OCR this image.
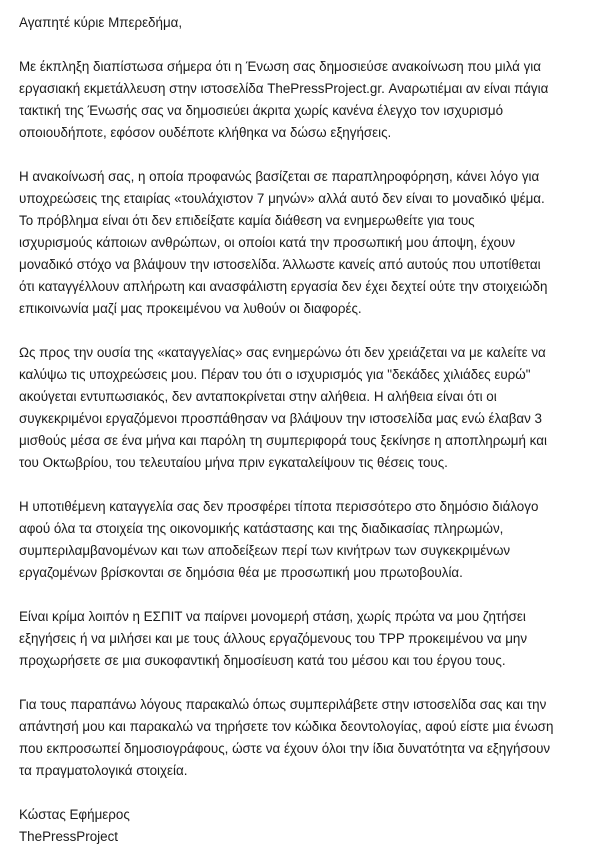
Αγαπητέ κύριε Μπερεδήμα,

Με έκπληξη διαπίστωσα σήμερα ότι η Ένωση σας δημοσιεύσε ανακοίνωση που μιλά για
εργασιακή εκμετάλλευση στην ιστοσελίδα ThePressProject.gr. Αναρωτιέμαι αν είναι πάγια
τακτική της Ένωσής σας να δημοσιεύει άκριτα χωρίς κανένα έλεγχο τον ισχυρισμό
οποιουδήποτε, εφόσον ουδέποτε κλήθηκα να δώσω εξηγήσεις.

Η ανακοίνωσή σας, η οποία προφανώς βασίζεται σε παραπληροφόρηση, κάνει λόγο για
υποχρεώσεις της εταιρίας «τουλάχιστον 7 μηνών» αλλά αυτό δεν είναι το μοναδικό ψέμα.
Το πρόβλημα είναι ότι δεν επιδείξατε καμία διάθεση να ενημερωθείτε για τους
ισχυρισμούς κάποιων ανθρώπων, οι οποίοι κατά την προσωπική μου άποψη, έχουν
μοναδικό στόχο να βλάψουν την ιστοσελίδα. Άλλωστε κανείς από αυτούς που υποτίθεται
ότι καταγγέλλουν απλήρωτη και ανασφάλιστη εργασία δεν έχει δεχτεί ούτε την στοιχειώδη
επικοινωνία μαζί μας προκειμένου να λυθούν οι διαφορές.

Ως προς την ουσία της «καταγγελίας» σας ενημερώνω ότι δεν χρειάζεται να με καλείτε να
καλύψω τις υποχρεώσεις μου. Πέραν του ότι ο ισχυρισμός για "δεκάδες χιλιάδες ευρώ"
ακούγεται εντυπωσιακός, δεν ανταποκρίνεται στην αλήθεια. Η αλήθεια είναι ότι οι
συγκεκριμένοι εργαζόμενοι προσπάθησαν να βλάψουν την ιστοσελίδα μας ενώ έλαβαν 3
μισθούς μέσα σε ένα μήνα και παρόλη τη συμπεριφορά τους ξεκίνησε η αποπληρωμή και
του Οκτωβρίου, του τελευταίου μήνα πριν εγκαταλείψουν τις θέσεις τους.

Η υποτιθέμενη καταγγελία σας δεν προσφέρει τίποτα περισσότερο στο δημόσιο διάλογο
αφού όλα τα στοιχεία της οικονομικής κατάστασης και της διαδικασίας πληρωμών,
συμπεριλαμβανομένων και των αποδείξεων περί των κινήτρων των συγκεκριμένων
εργαζομένων βρίσκονται σε δημόσια θέα με προσωπική μου πρωτοβουλία.

Είναι κρίμα λοιπόν η ΕΣΠΙΤ να παίρνει μονομερή στάση, χωρίς πρώτα να μου ζητήσει
εξηγήσεις ή να μιλήσει και με τους άλλους εργαζόμενους του TPP προκειμένου να μην
προχωρήσετε σε μια συκοφαντική δημοσίευση κατά του μέσου και του έργου τους.

Για τους παραπάνω λόγους παρακαλώ όπως συμπεριλάβετε στην ιστοσελίδα σας και την
απάντησή μου και παρακαλώ να τηρήσετε τον κώδικα δεοντολογίας, αφού είστε μια ένωση
που εκπροσωπεί δημοσιογράφους, ώστε να έχουν όλοι την ίδια δυνατότητα να εξηγήσουν
τα πραγματολογικά στοιχεία.

Κώστας Εφήμερος
ThePressProject
